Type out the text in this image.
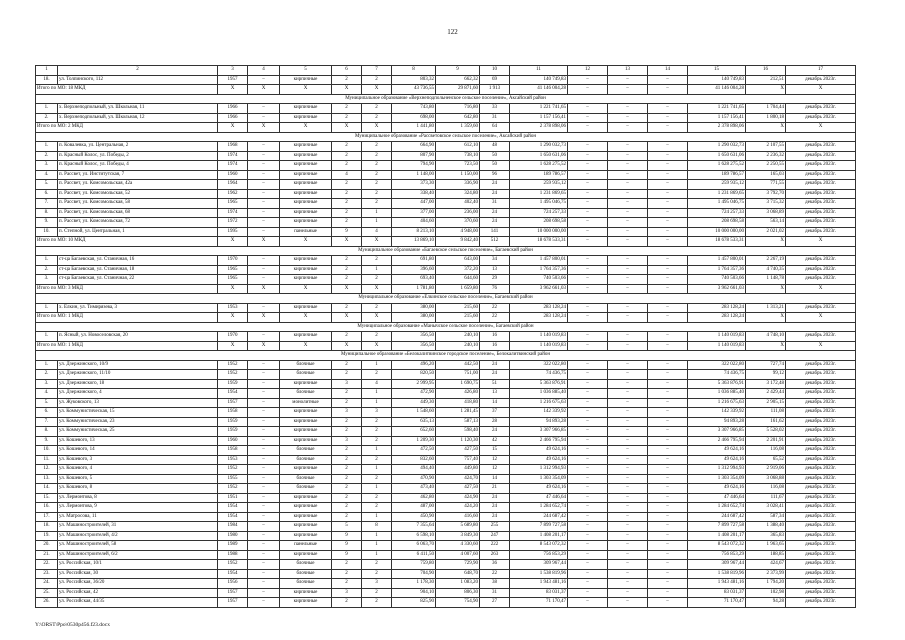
122
1	2	3	4	5	6	7	8	9	10	11	12	13	14	15	16	17
18.	ул. Толпинского, 112	1957	–	кирпичные	2	2	803,32	662,32	69	140 749,83	–	–	–	140 749,83	212,51	декабрь 2023г.
Итого по МО: 18 МКД		X	X	X	X	X	43 736,55	29 871,60	1 913	41 146 004,28	–	–	–	41 146 004,28	X	X
Муниципальное образование «Верхнеподпольненское сельское поселение», Аксайский район																
1.	х. Верхнеподпольный, ул. Школьная, 11	1966	–	кирпичные	2	2	743,80	716,80	33	1 221 741,65	–	–	–	1 221 741,65	1 704,44	декабрь 2023г.
2.	х. Верхнеподпольный, ул. Школьная, 12	1966	–	кирпичные	2	2	698,00	642,80	31	1 157 156,41	–	–	–	1 157 156,41	1 800,18	декабрь 2023г.
Итого по МО: 2 МКД		X	X	X	X	X	1 441,80	1 359,60	64	2 378 898,06	–	–	–	2 378 898,06	X	X
Муниципальное образование «Рассветовское сельское поселение», Аксайский район																
1.	п. Ковалевка, ул. Центральная, 2	1968	–	кирпичные	2	2	664,90	612,10	48	1 290 032,73	–	–	–	1 290 032,73	2 107,55	декабрь 2023г.
2.	п. Красный Колос, ул. Победы, 2	1974	–	кирпичные	2	2	807,90	738,10	50	1 650 631,06	–	–	–	1 650 631,06	2 236,32	декабрь 2023г.
3.	п. Красный Колос, ул. Победы, 4	1974	–	кирпичные	2	2	794,90	723,50	50	1 628 275,52	–	–	–	1 628 275,52	2 250,55	декабрь 2023г.
4.	п. Рассвет, ул. Институтская, 7	1960	–	кирпичные	4	2	1 148,00	1 150,00	96	189 786,57	–	–	–	189 786,57	165,03	декабрь 2023г.
5.	п. Рассвет, ул. Комсомольская, 42а	1964	–	кирпичные	2	2	373,30	336,90	24	259 935,12	–	–	–	259 935,12	771,55	декабрь 2023г.
6.	п. Рассвет, ул. Комсомольская, 52	1962	–	кирпичные	2	2	338,40	324,80	24	1 231 869,65	–	–	–	1 231 869,65	3 792,70	декабрь 2023г.
7.	п. Рассвет, ул. Комсомольская, 58	1965	–	кирпичные	2	2	447,00	402,40	31	1 495 046,75	–	–	–	1 495 046,75	3 715,32	декабрь 2023г.
8.	п. Рассвет, ул. Комсомольская, 68	1974	–	кирпичные	2	1	377,00	236,00	24	724 257,33	–	–	–	724 257,33	3 068,89	декабрь 2023г.
9.	п. Рассвет, ул. Комсомольская, 72	1972	–	кирпичные	2	1	404,60	370,60	24	208 698,58	–	–	–	208 698,58	563,14	декабрь 2023г.
10.	п. Степной, ул. Центральная, 1	1995	–	панельные	9	4	8 213,10	4 948,00	141	10 000 000,00	–	–	–	10 000 000,00	2 021,02	декабрь 2023г.
Итого по МО: 10 МКД		X	X	X	X	X	13 869,10	9 842,40	512	18 678 533,31	–	–	–	18 678 533,31	X	X
Муниципальное образование «Багаевское сельское поселение», Багаевский район																
1.	ст-ца Багаевская, ул. Станичная, 16	1970	–	кирпичные	2	2	691,80	643,00	34	1 457 800,01	–	–	–	1 457 800,01	2 267,19	декабрь 2023г.
2.	ст-ца Багаевская, ул. Станичная, 18	1965	–	кирпичные	2	1	396,60	372,20	13	1 764 357,36	–	–	–	1 764 357,36	4 740,35	декабрь 2023г.
3.	ст-ца Багаевская, ул. Станичная, 22	1965	–	кирпичные	2	2	693,40	644,60	29	740 503,66	–	–	–	740 503,66	1 148,78	декабрь 2023г.
Итого по МО: 3 МКД		X	X	X	X	X	1 781,80	1 659,80	76	3 962 661,03	–	–	–	3 962 661,03	X	X
Муниципальное образование «Елкинское сельское поселение», Багаевский район																
1.	х. Елкин, ул. Тимирязева, 3	1953	–	кирпичные	2	2	380,00	215,60	22	283 128,24	–	–	–	283 128,24	1 313,21	декабрь 2023г.
Итого по МО: 1 МКД		X	X	X	X	X	380,00	215,60	22	283 128,24	–	–	–	283 128,24	X	X
Муниципальное образование «Манычское сельское поселение», Багаевский район																
1.	п. Ясный, ул. Новоселовская, 20	1970	–	кирпичные	2	2	356,50	240,10	16	1 140 019,83	–	–	–	1 140 019,83	4 748,10	декабрь 2023г.
Итого по МО: 1 МКД		X	X	X	X	X	356,50	240,10	16	1 140 019,83	–	–	–	1 140 019,83	X	X
Муниципальное образование «Белокалитвинское городское поселение», Белокалитвинский район																
1.	ул. Дзержинского, 10/9	1952	–	блочные	2	1	496,20	442,50	24	322 022,80	–	–	–	322 022,80	727,74	декабрь 2023г.
2.	ул. Дзержинского, 11/10	1952	–	блочные	2	2	820,50	751,00	24	74 436,75	–	–	–	74 436,75	99,12	декабрь 2023г.
3.	ул. Дзержинского, 18	1959	–	кирпичные	3	4	2 999,95	1 690,75	51	5 363 876,91	–	–	–	5 363 876,91	3 172,48	декабрь 2023г.
4.	ул. Дзержинского, 4	1954	–	блочные	2	1	472,90	426,80	13	1 036 885,40	–	–	–	1 036 885,40	2 429,44	декабрь 2023г.
5.	ул. Жуковского, 13	1957	–	монолитные	2	1	449,30	418,80	14	1 216 675,63	–	–	–	1 216 675,63	2 905,15	декабрь 2023г.
6.	ул. Коммунистическая, 15	1958	–	кирпичные	3	3	1 548,60	1 281,45	37	142 339,92	–	–	–	142 339,92	111,08	декабрь 2023г.
7.	ул. Коммунистическая, 23	1959	–	кирпичные	2	2	635,13	587,13	28	94 893,28	–	–	–	94 893,28	161,62	декабрь 2023г.
8.	ул. Коммунистическая, 25	1959	–	кирпичные	2	2	652,60	598,40	24	3 307 966,85	–	–	–	3 307 966,85	5 528,02	декабрь 2023г.
9.	ул. Кошевого, 13	1960	–	кирпичные	3	2	1 209,30	1 120,30	42	2 466 795,94	–	–	–	2 466 795,94	2 201,91	декабрь 2023г.
10.	ул. Кошевого, 14	1958	–	блочные	2	1	472,50	427,50	15	49 624,16	–	–	–	49 624,16	116,08	декабрь 2023г.
11.	ул. Кошевого, 3	1953	–	блочные	2	2	832,60	757,40	12	49 624,16	–	–	–	49 624,16	65,52	декабрь 2023г.
12.	ул. Кошевого, 4	1952	–	кирпичные	2	1	494,40	449,80	12	1 312 994,93	–	–	–	1 312 994,93	2 919,06	декабрь 2023г.
13.	ул. Кошевого, 5	1955	–	блочные	2	2	470,90	424,70	14	1 303 354,09	–	–	–	1 303 354,09	3 068,88	декабрь 2023г.
14.	ул. Кошевого, 8	1952	–	блочные	2	1	473,40	427,50	21	49 624,16	–	–	–	49 624,16	116,08	декабрь 2023г.
15.	ул. Лермонтова, 8	1951	–	кирпичные	2	2	462,80	424,90	24	47 446,64	–	–	–	47 446,64	111,67	декабрь 2023г.
16.	ул. Лермонтова, 9	1954	–	кирпичные	2	2	487,00	424,20	24	1 284 652,74	–	–	–	1 284 652,74	3 028,41	декабрь 2023г.
17.	ул. Матросова, 11	1954	–	кирпичные	2	1	450,90	416,60	24	244 687,42	–	–	–	244 687,42	587,34	декабрь 2023г.
18.	ул. Машиностроителей, 31	1984	–	кирпичные	5	8	7 355,64	5 689,80	255	7 899 727,58	–	–	–	7 899 727,58	1 388,40	декабрь 2023г.
19.	ул. Машиностроителей, 4/2	1980	–	кирпичные	9	1	6 598,10	3 849,30	247	1 408 201,17	–	–	–	1 408 201,17	365,83	декабрь 2023г.
20.	ул. Машиностроителей, 58	1989	–	панельные	9	1	6 063,70	4 330,60	222	8 543 072,32	–	–	–	8 543 072,32	1 963,65	декабрь 2023г.
21.	ул. Машиностроителей, 6/2	1988	–	кирпичные	9	1	6 411,50	4 007,60	263	756 853,29	–	–	–	756 853,29	188,85	декабрь 2023г.
22.	ул. Российская, 10/1	1952	–	блочные	2	2	759,80	729,90	36	309 967,44	–	–	–	309 967,44	424,67	декабрь 2023г.
23.	ул. Российская, 30	1954	–	блочные	2	2	704,90	648,70	22	1 538 819,96	–	–	–	1 538 819,96	2 373,99	декабрь 2023г.
24.	ул. Российская, 36/20	1956	–	блочные	2	3	1 178,30	1 083,20	38	1 943 481,16	–	–	–	1 943 481,16	1 794,20	декабрь 2023г.
25.	ул. Российская, 42	1957	–	кирпичные	3	2	904,10	806,30	31	83 031,37	–	–	–	83 031,37	102,98	декабрь 2023г.
26.	ул. Российская, 44/35	1957	–	кирпичные	2	2	825,90	754,90	27	71 170,47	–	–	–	71 170,47	94,28	декабрь 2023г.
Y:\ORST\Ppo\0530p456.f23.docx
